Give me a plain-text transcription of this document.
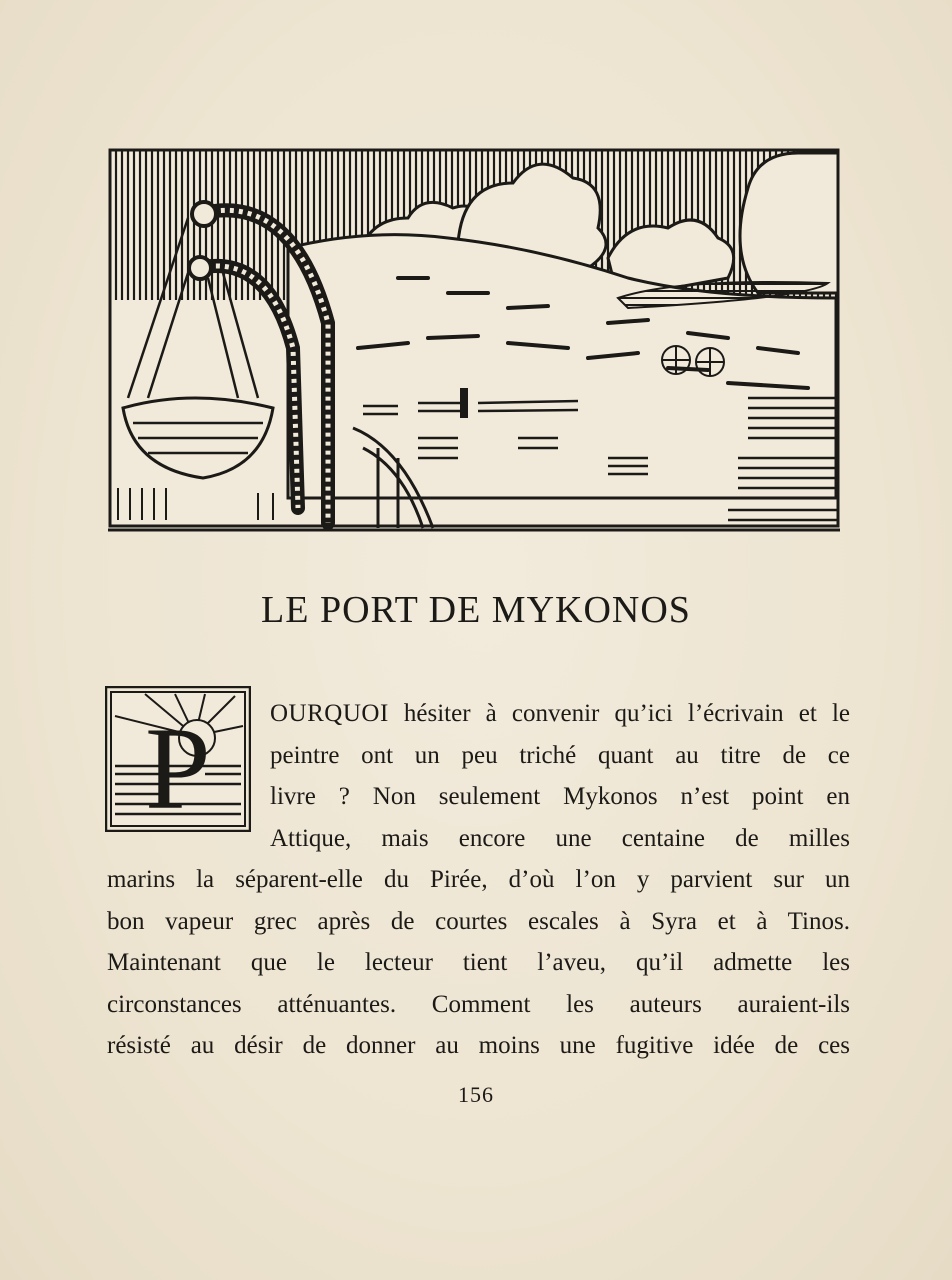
LE PORT DE MYKONOS
P OURQUOI hésiter à convenir qu’ici l’écrivain et le
peintre ont un peu triché quant au titre de ce
livre ? Non seulement Mykonos n’est point en
Attique, mais encore une centaine de milles
marins la séparent-elle du Pirée, d’où l’on y parvient sur un
bon vapeur grec après de courtes escales à Syra et à Tinos.
Maintenant que le lecteur tient l’aveu, qu’il admette les
circonstances atténuantes. Comment les auteurs auraient-ils
résisté au désir de donner au moins une fugitive idée de ces
156
